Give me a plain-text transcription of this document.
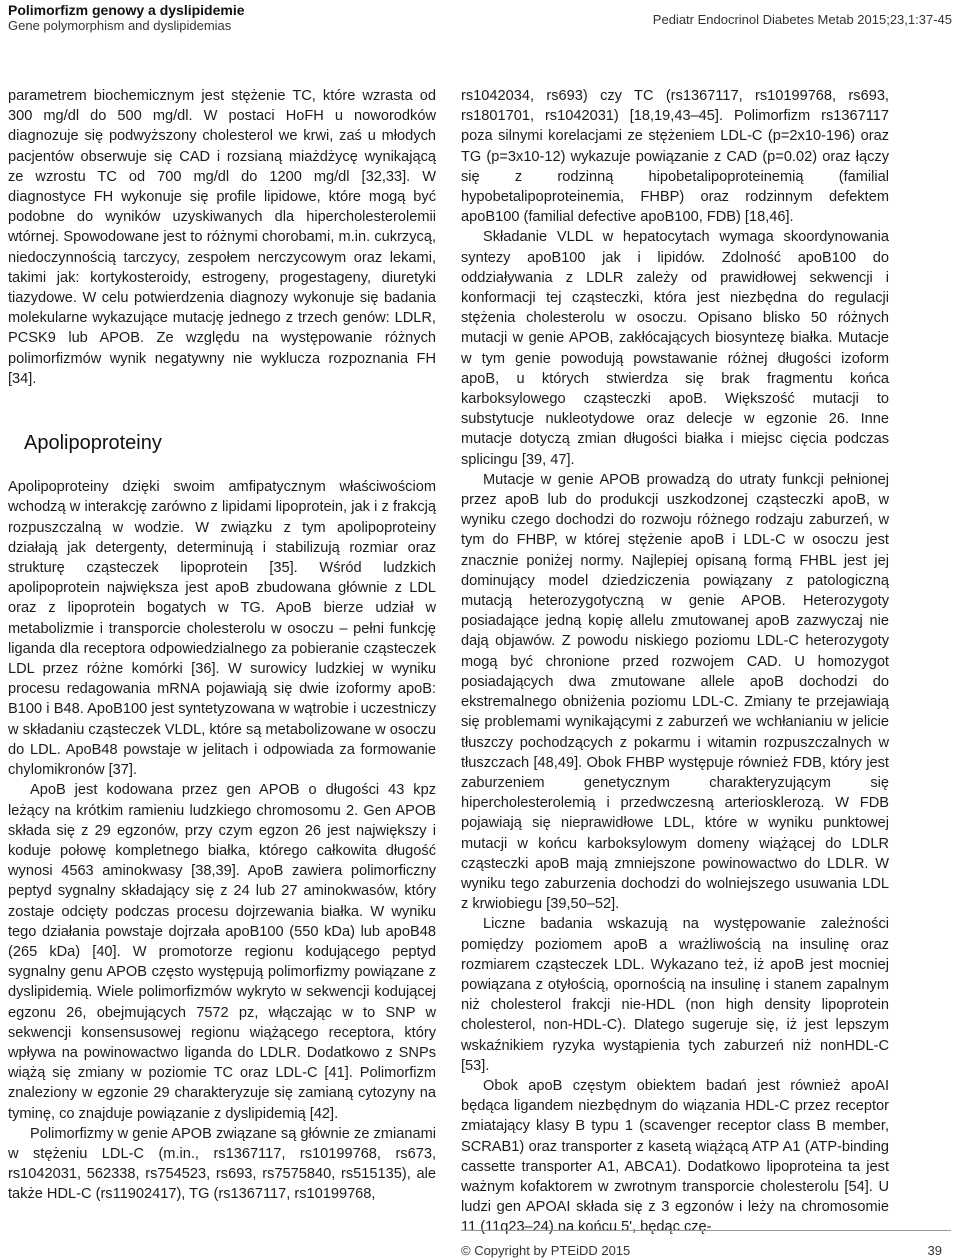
Polimorfizm genowy a dyslipidemie
Gene polymorphism and dyslipidemias	Pediatr Endocrinol Diabetes Metab 2015;23,1:37-45

parametrem biochemicznym jest stężenie TC, które wzrasta od 300 mg/dl do 500 mg/dl. W postaci HoFH u noworodków diagnozuje się podwyższony cholesterol we krwi, zaś u młodych pacjentów obserwuje się CAD i rozsianą miażdżycę wynikającą ze wzrostu TC od 700 mg/dl do 1200 mg/dl [32,33]. W diagnostyce FH wykonuje się profile lipidowe, które mogą być podobne do wyników uzyskiwanych dla hipercholesterolemii wtórnej. Spowodowane jest to różnymi chorobami, m.in. cukrzycą, niedoczynnością tarczycy, zespołem nerczycowym oraz lekami, takimi jak: kortykosteroidy, estrogeny, progestageny, diuretyki tiazydowe. W celu potwierdzenia diagnozy wykonuje się badania molekularne wykazujące mutację jednego z trzech genów: LDLR, PCSK9 lub APOB. Ze względu na występowanie różnych polimorfizmów wynik negatywny nie wyklucza rozpoznania FH [34].

Apolipoproteiny

Apolipoproteiny dzięki swoim amfipatycznym właściwościom wchodzą w interakcję zarówno z lipidami lipoprotein, jak i z frakcją rozpuszczalną w wodzie. W związku z tym apolipoproteiny działają jak detergenty, determinują i stabilizują rozmiar oraz strukturę cząsteczek lipoprotein [35]. Wśród ludzkich apolipoprotein największa jest apoB zbudowana głównie z LDL oraz z lipoprotein bogatych w TG. ApoB bierze udział w metabolizmie i transporcie cholesterolu w osoczu – pełni funkcję liganda dla receptora odpowiedzialnego za pobieranie cząsteczek LDL przez różne komórki [36]. W surowicy ludzkiej w wyniku procesu redagowania mRNA pojawiają się dwie izoformy apoB: B100 i B48. ApoB100 jest syntetyzowana w wątrobie i uczestniczy w składaniu cząsteczek VLDL, które są metabolizowane w osoczu do LDL. ApoB48 powstaje w jelitach i odpowiada za formowanie chylomikronów [37].

ApoB jest kodowana przez gen APOB o długości 43 kpz leżący na krótkim ramieniu ludzkiego chromosomu 2. Gen APOB składa się z 29 egzonów, przy czym egzon 26 jest największy i koduje połowę kompletnego białka, którego całkowita długość wynosi 4563 aminokwasy [38,39]. ApoB zawiera polimorficzny peptyd sygnalny składający się z 24 lub 27 aminokwasów, który zostaje odcięty podczas procesu dojrzewania białka. W wyniku tego działania powstaje dojrzała apoB100 (550 kDa) lub apoB48 (265 kDa) [40]. W promotorze regionu kodującego peptyd sygnalny genu APOB często występują polimorfizmy powiązane z dyslipidemią. Wiele polimorfizmów wykryto w sekwencji kodującej egzonu 26, obejmujących 7572 pz, włączając w to SNP w sekwencji konsensusowej regionu wiążącego receptora, który wpływa na powinowactwo liganda do LDLR. Dodatkowo z SNPs wiążą się zmiany w poziomie TC oraz LDL-C [41]. Polimorfizm znaleziony w egzonie 29 charakteryzuje się zamianą cytozyny na tyminę, co znajduje powiązanie z dyslipidemią [42].

Polimorfizmy w genie APOB związane są głównie ze zmianami w stężeniu LDL-C (m.in., rs1367117, rs10199768, rs673, rs1042031, 562338, rs754523, rs693, rs7575840, rs515135), ale także HDL-C (rs11902417), TG (rs1367117, rs10199768,

rs1042034, rs693) czy TC (rs1367117, rs10199768, rs693, rs1801701, rs1042031) [18,19,43–45]. Polimorfizm rs1367117 poza silnymi korelacjami ze stężeniem LDL-C (p=2x10-196) oraz TG (p=3x10-12) wykazuje powiązanie z CAD (p=0.02) oraz łączy się z rodzinną hipobetalipoproteinemią (familial hypobetalipoproteinemia, FHBP) oraz rodzinnym defektem apoB100 (familial defective apoB100, FDB) [18,46].

Składanie VLDL w hepatocytach wymaga skoordynowania syntezy apoB100 jak i lipidów. Zdolność apoB100 do oddziaływania z LDLR zależy od prawidłowej sekwencji i konformacji tej cząsteczki, która jest niezbędna do regulacji stężenia cholesterolu w osoczu. Opisano blisko 50 różnych mutacji w genie APOB, zakłócających biosyntezę białka. Mutacje w tym genie powodują powstawanie różnej długości izoform apoB, u których stwierdza się brak fragmentu końca karboksylowego cząsteczki apoB. Większość mutacji to substytucje nukleotydowe oraz delecje w egzonie 26. Inne mutacje dotyczą zmian długości białka i miejsc cięcia podczas splicingu [39, 47].

Mutacje w genie APOB prowadzą do utraty funkcji pełnionej przez apoB lub do produkcji uszkodzonej cząsteczki apoB, w wyniku czego dochodzi do rozwoju różnego rodzaju zaburzeń, w tym do FHBP, w której stężenie apoB i LDL-C w osoczu jest znacznie poniżej normy. Najlepiej opisaną formą FHBL jest jej dominujący model dziedziczenia powiązany z patologiczną mutacją heterozygotyczną w genie APOB. Heterozygoty posiadające jedną kopię allelu zmutowanej apoB zazwyczaj nie dają objawów. Z powodu niskiego poziomu LDL-C heterozygoty mogą być chronione przed rozwojem CAD. U homozygot posiadających dwa zmutowane allele apoB dochodzi do ekstremalnego obniżenia poziomu LDL-C. Zmiany te przejawiają się problemami wynikającymi z zaburzeń we wchłanianiu w jelicie tłuszczy pochodzących z pokarmu i witamin rozpuszczalnych w tłuszczach [48,49]. Obok FHBP występuje również FDB, który jest zaburzeniem genetycznym charakteryzującym się hipercholesterolemią i przedwczesną arteriosklerozą. W FDB pojawiają się nieprawidłowe LDL, które w wyniku punktowej mutacji w końcu karboksylowym domeny wiążącej do LDLR cząsteczki apoB mają zmniejszone powinowactwo do LDLR. W wyniku tego zaburzenia dochodzi do wolniejszego usuwania LDL z krwiobiegu [39,50–52].

Liczne badania wskazują na występowanie zależności pomiędzy poziomem apoB a wrażliwością na insulinę oraz rozmiarem cząsteczek LDL. Wykazano też, iż apoB jest mocniej powiązana z otyłością, opornością na insulinę i stanem zapalnym niż cholesterol frakcji nie-HDL (non high density lipoprotein cholesterol, non-HDL-C). Dlatego sugeruje się, iż jest lepszym wskaźnikiem ryzyka wystąpienia tych zaburzeń niż nonHDL-C [53].

Obok apoB częstym obiektem badań jest również apoAI będąca ligandem niezbędnym do wiązania HDL-C przez receptor zmiatający klasy B typu 1 (scavenger receptor class B member, SCRAB1) oraz transporter z kasetą wiążącą ATP A1 (ATP-binding cassette transporter A1, ABCA1). Dodatkowo lipoproteina ta jest ważnym kofaktorem w zwrotnym transporcie cholesterolu [54]. U ludzi gen APOAI składa się z 3 egzonów i leży na chromosomie 11 (11q23–24) na końcu 5', będąc czę-

© Copyright by PTEiDD 2015	39
